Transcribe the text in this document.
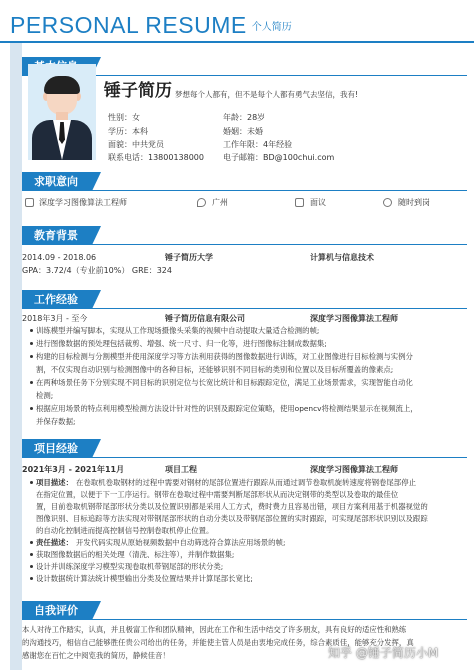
PERSONAL RESUME 个人简历
锤子简历 梦想每个人都有，但不是每个人都有勇气去坚信，我有!
性别：女	年龄：28岁
学历：本科	婚姻：未婚
面貌：中共党员	工作年限：4年经验
联系电话：13800138000 电子邮箱：BD@100chui.com
求职意向
深度学习图像算法工程师	广州	面议	随时到岗
教育背景
2014.09 - 2018.06	锤子简历大学	计算机与信息技术
GPA：3.72/4（专业前10%） GRE：324
工作经验
2018年3月 - 至今	锤子简历信息有限公司	深度学习图像算法工程师
训练模型并编写脚本，实现从工作现场摄像头采集的视频中自动提取大量适合检测的帧;
进行图像数据的预处理包括裁剪、增强、统一尺寸、归一化等，进行图像标注制成数据集;
构建的目标检测与分割模型并使用深度学习等方法利用获得的图像数据进行训练，对工业图像进行目标检测与实例分
割，不仅实现自动识别与检测图像中的各种目标，还能够识别不同目标的类别和位置以及目标所覆盖的像素点;
在两种场景任务下分别实现不同目标的识别定位与长宽比统计和目标跟踪定位，满足工业场景需求，实现智能自动化
检测;
根据应用场景的特点利用模型检测方法设计针对性的识别及跟踪定位策略，使用opencv将检测结果显示在视频流上，
并保存数据;
项目经验
2021年3月 - 2021年11月	项目工程	深度学习图像算法工程师
项目描述： 在卷取机卷取钢材的过程中需要对钢材的尾部位置进行跟踪从而通过调节卷取机旋转速度将钢卷尾部停止
在指定位置，以便于下一工序运行。钢带在卷取过程中需要判断尾部形状从而决定钢带的类型以及卷取的最佳位
置，目前卷取机钢带尾部形状分类以及位置识别都是采用人工方式，费时费力且容易出错，项目方案利用基于机器视觉的
图像识别、目标追踪等方法实现对带钢尾部形状的自动分类以及带钢尾部位置的实时跟踪，可实现尾部形状识别以及跟踪
的自动化控制进而提高控制信号控制卷取机停止位置。
责任描述： 开发代码实现从原始视频数据中自动筛选符合算法应用场景的帧;
获取图像数据后的相关处理（清洗、标注等），并制作数据集;
设计并训练深度学习模型实现卷取机带钢尾部的形状分类;
设计数据统计算法统计模型输出分类及位置结果并计算尾部长宽比;
自我评价
本人对待工作踏实，认真，并且极富工作和团队精神，因此在工作和生活中结交了许多朋友，具有良好的适应性和熟练
的沟通技巧，相信自己能够胜任贵公司给出的任务，并能使主管人员是由衷地完成任务，综合素质佳，能够充分发挥，真
感谢您在百忙之中阅览我的简历，静候佳音！	知乎 @锤子简历小M
